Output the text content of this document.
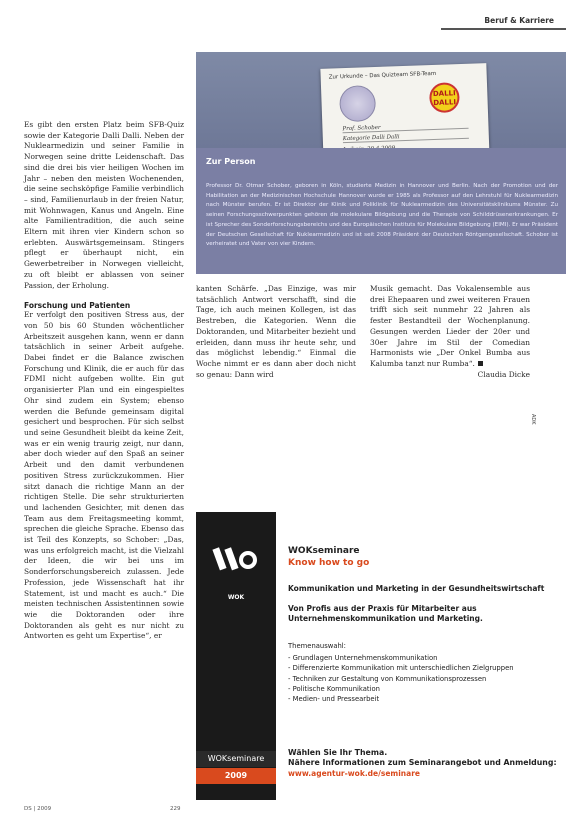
Beruf & Karriere

Es gibt den ersten Platz beim SFB-Quiz sowie der Kategorie Dalli Dalli. Neben der Nuklearmedizin und seiner Familie in Norwegen seine dritte Leidenschaft. Das sind die drei bis vier heiligen Wochen im Jahr – neben den meisten Wochenenden, die seine sechsköpfige Familie verbindlich – sind, Familienurlaub in der freien Natur, mit Wohnwagen, Kanus und Angeln. Eine alte Familientradition, die auch seine Eltern mit ihren vier Kindern schon so erlebten. Auswärtsgemeinsam. Stingers pflegt er überhaupt nicht, ein Gewerbetreiber in Norwegen vielleicht, zu oft bleibt er ablassen von seiner Passion, der Erholung.

Forschung und Patienten

Er verfolgt den positiven Stress aus, der von 50 bis 60 Stunden wöchentlicher Arbeitszeit ausgehen kann, wenn er dann tatsächlich in seiner Arbeit aufgehe. Dabei findet er die Balance zwischen Forschung und Klinik, die er auch für das FDMI nicht aufgeben wollte. Ein gut organisierter Plan und ein eingespieltes Ohr sind zudem ein System; ebenso werden die Befunde gemeinsam digital gesichert und besprochen. Für sich selbst und seine Gesundheit bleibt da keine Zeit, was er ein wenig traurig zeigt, nur dann, aber doch wieder auf den Spaß an seiner Arbeit und den damit verbundenen positiven Stress zurückzukommen. Hier sitzt danach die richtige Mann an der richtigen Stelle. Die sehr strukturierten und lachenden Gesichter, mit denen das Team aus dem Freitagsmeeting kommt, sprechen die gleiche Sprache. Ebenso das ist Teil des Konzepts, so Schober: „Das, was uns erfolgreich macht, ist die Vielzahl der Ideen, die wir bei uns im Sonderforschungsbereich zulassen. Jede Profession, jede Wissenschaft hat ihr Statement, ist und macht es auch.“ Die meisten technischen Assistentinnen sowie wie die Doktoranden oder ihre Doktoranden als geht es nur nicht zu Antworten es geht um Expertise“, er

Zur Urkunde – Das Quizteam SFB-Team
DALLI
DALLI
Prof. Schober
Kategorie Dalli Dalli
Zur Person
Professor Dr. Otmar Schober, geboren in Köln, studierte Medizin in Hannover und Berlin. Nach der Promotion und der Habilitation an der Medizinischen Hochschule Hannover wurde er 1985 als Professor auf den Lehrstuhl für Nuklearmedizin nach Münster berufen. Er ist Direktor der Klinik und Poliklinik für Nuklearmedizin des Universitätsklinikums Münster. Zu seinen Forschungsschwerpunkten gehören die molekulare Bildgebung und die Therapie von Schilddrüsenerkrankungen. Er ist Sprecher des Sonderforschungsbereichs und des Europäischen Instituts für Molekulare Bildgebung (EIMI). Er war Präsident der Deutschen Gesellschaft für Nuklearmedizin und ist seit 2008 Präsident der Deutschen Röntgengesellschaft. Schober ist verheiratet und Vater von vier Kindern.

kanten Schärfe. „Das Einzige, was mir tatsächlich Antwort verschafft, sind die Tage, ich auch meinen Kollegen, ist das Bestreben, die Kategorien. Wenn die Doktoranden, und Mitarbeiter bezieht und erleiden, dann muss ihr heute sehr, und das möglichst lebendig.“ Einmal die Woche nimmt er es dann aber doch nicht so genau: Dann wird

Musik gemacht. Das Vokalensemble aus drei Ehepaaren und zwei weiteren Frauen trifft sich seit nunmehr 22 Jahren als fester Bestandteil der Wochenplanung. Gesungen werden Lieder der 20er und 30er Jahre im Stil der Comedian Harmonists wie „Der Onkel Bumba aus Kalumba tanzt nur Rumba“.

Claudia Dicke
ADK
WOK
WOKseminare
2009
WOKseminare
Know how to go
Kommunikation und Marketing in der Gesundheitswirtschaft
Von Profis aus der Praxis für Mitarbeiter aus
Unternehmenskommunikation und Marketing.
Themenauswahl:
- Grundlagen Unternehmenskommunikation
- Differenzierte Kommunikation mit unterschiedlichen Zielgruppen
- Techniken zur Gestaltung von Kommunikationsprozessen
- Politische Kommunikation
- Medien- und Pressearbeit
Wählen Sie Ihr Thema.
Nähere Informationen zum Seminarangebot und Anmeldung:
www.agentur-wok.de/seminare
DS | 2009	229
